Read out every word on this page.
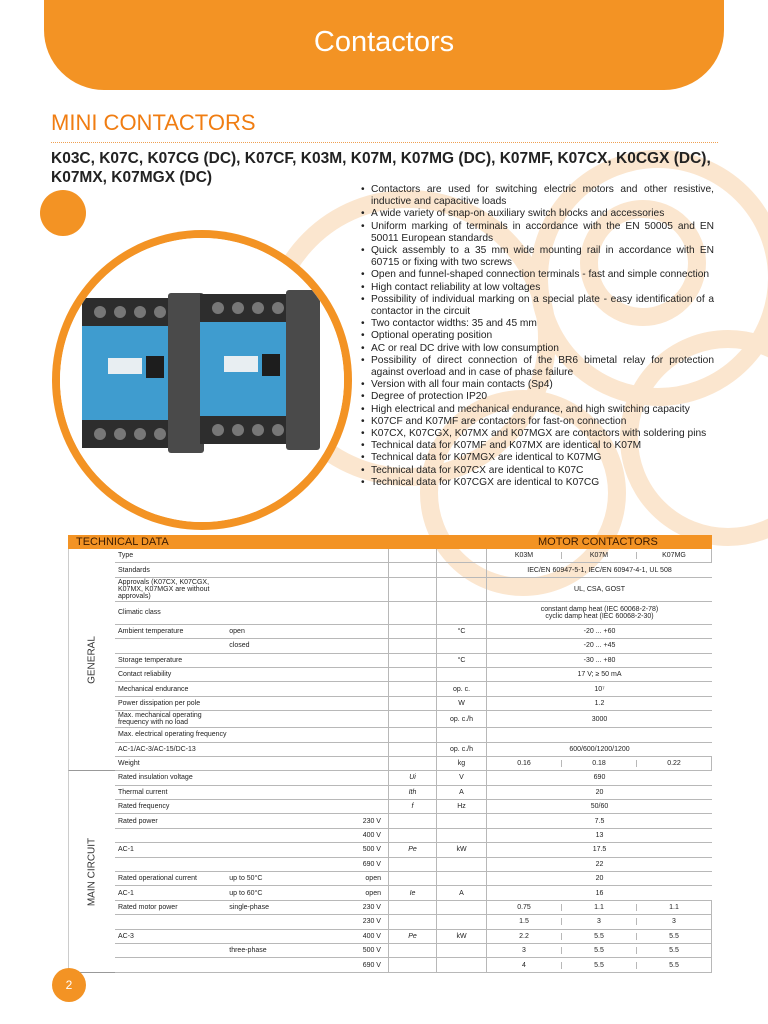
Contactors
MINI CONTACTORS
K03C, K07C, K07CG (DC), K07CF, K03M, K07M, K07MG (DC), K07MF, K07CX, K0CGX (DC), K07MX, K07MGX (DC)
• Contactors are used for switching electric motors and other resistive, inductive and capacitive loads
• A wide variety of snap-on auxiliary switch blocks and accessories
• Uniform marking of terminals in accordance with the EN 50005 and EN 50011 European standards
• Quick assembly to a 35 mm wide mounting rail in accordance with EN 60715 or fixing with two screws
• Open and funnel-shaped connection terminals - fast and simple connection
• High contact reliability at low voltages
• Possibility of individual marking on a special plate - easy identification of a contactor in the circuit
• Two contactor widths: 35 and 45 mm
• Optional operating position
• AC or real DC drive with low consumption
• Possibility of direct connection of the BR6 bimetal relay for protection against overload and in case of phase failure
• Version with all four main contacts (Sp4)
• Degree of protection IP20
• High electrical and mechanical endurance, and high switching capacity
• K07CF and K07MF are contactors for fast-on connection
• K07CX, K07CGX, K07MX and K07MGX are contactors with soldering pins
• Technical data for K07MF and K07MX are identical to K07M
• Technical data for K07MGX are identical to K07MG
• Technical data for K07CX are identical to K07C
• Technical data for K07CGX are identical to K07CG
TECHNICAL DATA	MOTOR CONTACTORS
GENERAL
Type	K03M	K07M	K07MG
Standards	IEC/EN 60947-5-1, IEC/EN 60947-4-1, UL 508
Approvals (K07CX, K07CGX, K07MX, K07MGX are without approvals)
UL, CSA, GOST
Climatic class	constant damp heat (IEC 60068-2-78)
cyclic damp heat (IEC 60068-2-30)
Ambient temperature	open	°C	-20 ... +60
closed	-20 ... +45
Storage temperature	°C	-30 ... +80
Contact reliability	17 V; ≥ 50 mA
Mechanical endurance	op. c.	10⁷
Power dissipation per pole	W	1.2
Max. mechanical operating frequency with no load	op. c./h	3000
Max. electrical operating frequency
AC-1/AC-3/AC-15/DC-13	op. c./h	600/600/1200/1200
Weight	kg	0.16	0.18	0.22
MAIN CIRCUIT
Rated insulation voltage	Ui	V	690
Thermal current	Ith	A	20
Rated frequency	f	Hz	50/60
Rated power	230 V	7.5
400 V	13
AC-1	500 V	Pe	kW	17.5
690 V	22
Rated operational current	up to 50°C	open	20
AC-1	up to 60°C	open	Ie	A	16
Rated motor power	single-phase	230 V	0.75	1.1	1.1
230 V	1.5	3	3
AC-3	400 V	Pe	kW	2.2	5.5	5.5
three-phase	500 V	3	5.5	5.5
690 V	4	5.5	5.5
2
